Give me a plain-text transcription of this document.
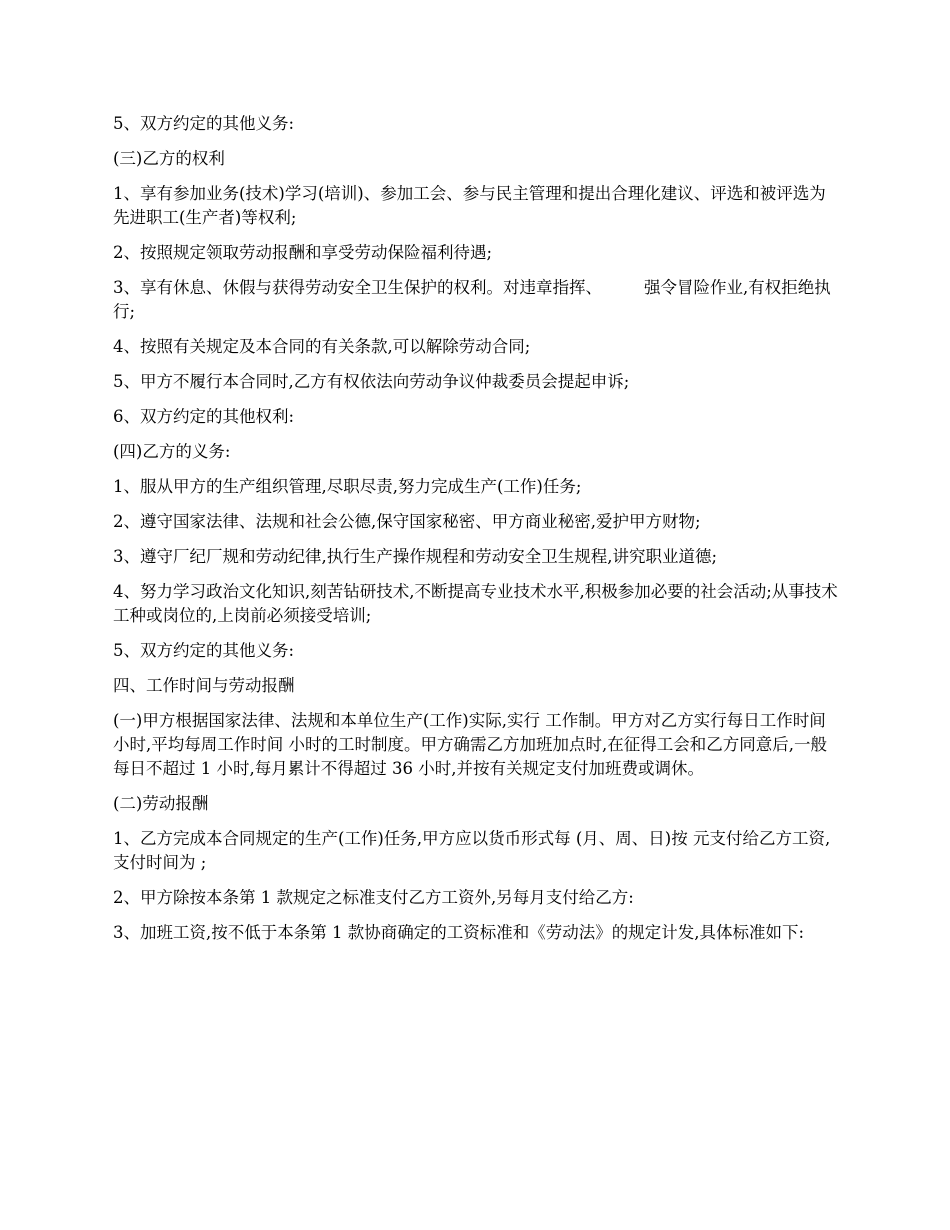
5、双方约定的其他义务:

(三)乙方的权利

1、享有参加业务(技术)学习(培训)、参加工会、参与民主管理和提出合理化建议、评选和被评选为先进职工(生产者)等权利;

2、按照规定领取劳动报酬和享受劳动保险福利待遇;

3、享有休息、休假与获得劳动安全卫生保护的权利。对违章指挥、        强令冒险作业,有权拒绝执行;

4、按照有关规定及本合同的有关条款,可以解除劳动合同;

5、甲方不履行本合同时,乙方有权依法向劳动争议仲裁委员会提起申诉;

6、双方约定的其他权利:

(四)乙方的义务:

1、服从甲方的生产组织管理,尽职尽责,努力完成生产(工作)任务;

2、遵守国家法律、法规和社会公德,保守国家秘密、甲方商业秘密,爱护甲方财物;

3、遵守厂纪厂规和劳动纪律,执行生产操作规程和劳动安全卫生规程,讲究职业道德;

4、努力学习政治文化知识,刻苦钻研技术,不断提高专业技术水平,积极参加必要的社会活动;从事技术工种或岗位的,上岗前必须接受培训;

5、双方约定的其他义务:

四、工作时间与劳动报酬

(一)甲方根据国家法律、法规和本单位生产(工作)实际,实行 工作制。甲方对乙方实行每日工作时间 小时,平均每周工作时间 小时的工时制度。甲方确需乙方加班加点时,在征得工会和乙方同意后,一般每日不超过 1 小时,每月累计不得超过 36 小时,并按有关规定支付加班费或调休。

(二)劳动报酬

1、乙方完成本合同规定的生产(工作)任务,甲方应以货币形式每 (月、周、日)按 元支付给乙方工资,支付时间为 ;

2、甲方除按本条第 1 款规定之标准支付乙方工资外,另每月支付给乙方:

3、加班工资,按不低于本条第 1 款协商确定的工资标准和《劳动法》的规定计发,具体标准如下:
